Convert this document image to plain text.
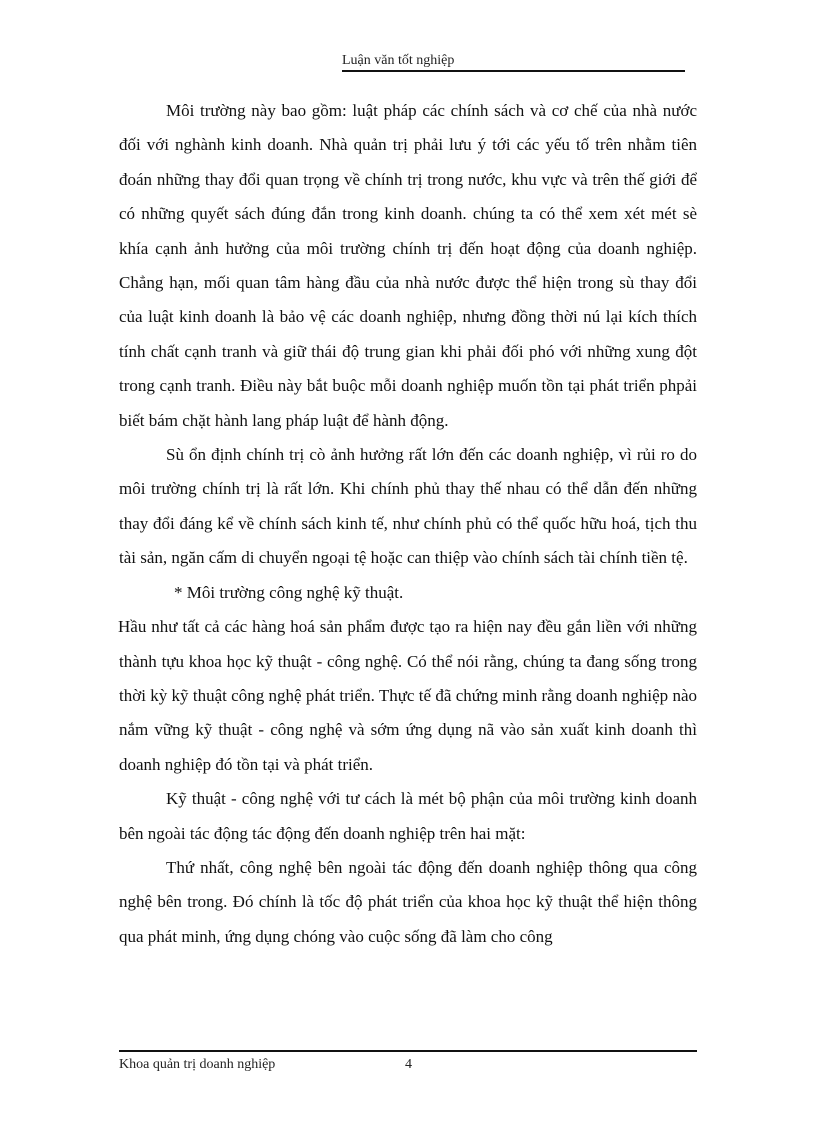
Luận văn tốt nghiệp

Môi trường này bao gồm: luật pháp các chính sách và cơ chế của nhà nước đối với nghành kinh doanh. Nhà quản trị phải lưu ý tới các yếu tố trên nhằm tiên đoán những thay đổi quan trọng về chính trị trong nước, khu vực và trên thế giới để có những quyết sách đúng đắn trong kinh doanh. chúng ta có thể xem xét mét sè khía cạnh ảnh hưởng của môi trường chính trị đến hoạt động của doanh nghiệp. Chẳng hạn, mối quan tâm hàng đầu của nhà nước được thể hiện trong sù thay đổi của luật kinh doanh là bảo vệ các doanh nghiệp, nhưng đồng thời nú lại kích thích tính chất cạnh tranh và giữ thái độ trung gian khi phải đối phó với những xung đột trong cạnh tranh. Điều này bắt buộc mỗi doanh nghiệp muốn tồn tại phát triển phpải biết bám chặt hành lang pháp luật để hành động.

Sù ổn định chính trị cò ảnh hưởng rất lớn đến các doanh nghiệp, vì rủi ro do môi trường chính trị là rất lớn. Khi chính phủ thay thế nhau có thể dẫn đến những thay đổi đáng kể về chính sách kinh tế, như chính phủ có thể quốc hữu hoá, tịch thu tài sản, ngăn cấm di chuyển ngoại tệ hoặc can thiệp vào chính sách tài chính tiền tệ.

* Môi trường công nghệ kỹ thuật.

Hầu như tất cả các hàng hoá sản phẩm được tạo ra hiện nay đều gắn liền với những thành tựu khoa học kỹ thuật - công nghệ. Có thể nói rằng, chúng ta đang sống trong thời kỳ kỹ thuật công nghệ phát triển. Thực tế đã chứng minh rằng doanh nghiệp nào nắm vững kỹ thuật - công nghệ và sớm ứng dụng nã vào sản xuất kinh doanh thì doanh nghiệp đó tồn tại và phát triển.

Kỹ thuật - công nghệ với tư cách là mét bộ phận của môi trường kinh doanh bên ngoài tác động tác động đến doanh nghiệp trên hai mặt:

Thứ nhất, công nghệ bên ngoài tác động đến doanh nghiệp thông qua công nghệ bên trong. Đó chính là tốc độ phát triển của khoa học kỹ thuật thể hiện thông qua phát minh, ứng dụng chóng vào cuộc sống đã làm cho công

Khoa quản trị doanh nghiệp	4
